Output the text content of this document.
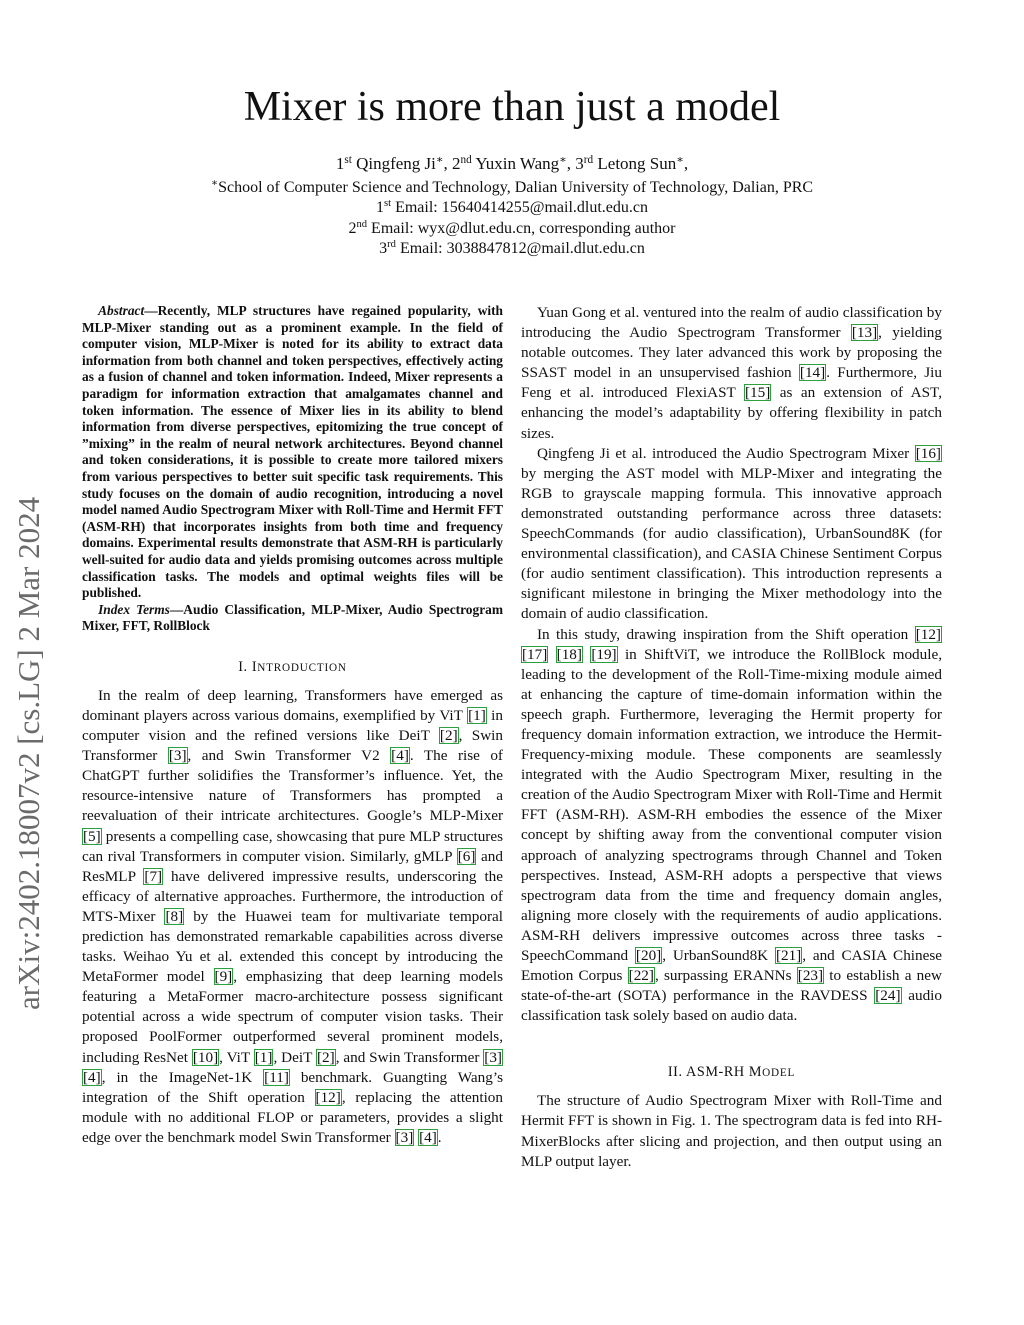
arXiv:2402.18007v2 [cs.LG] 2 Mar 2024
Mixer is more than just a model
1st Qingfeng Ji∗, 2nd Yuxin Wang∗, 3rd Letong Sun∗,
∗School of Computer Science and Technology, Dalian University of Technology, Dalian, PRC
1st Email: 15640414255@mail.dlut.edu.cn
2nd Email: wyx@dlut.edu.cn, corresponding author
3rd Email: 3038847812@mail.dlut.edu.cn

Abstract—Recently, MLP structures have regained popularity, with MLP-Mixer standing out as a prominent example. In the field of computer vision, MLP-Mixer is noted for its ability to extract data information from both channel and token perspectives, effectively acting as a fusion of channel and token information. Indeed, Mixer represents a paradigm for information extraction that amalgamates channel and token information. The essence of Mixer lies in its ability to blend information from diverse perspectives, epitomizing the true concept of ”mixing” in the realm of neural network architectures. Beyond channel and token considerations, it is possible to create more tailored mixers from various perspectives to better suit specific task requirements. This study focuses on the domain of audio recognition, introducing a novel model named Audio Spectrogram Mixer with Roll-Time and Hermit FFT (ASM-RH) that incorporates insights from both time and frequency domains. Experimental results demonstrate that ASM-RH is particularly well-suited for audio data and yields promising outcomes across multiple classification tasks. The models and optimal weights files will be published.

Index Terms—Audio Classification, MLP-Mixer, Audio Spectrogram Mixer, FFT, RollBlock

I. INTRODUCTION

In the realm of deep learning, Transformers have emerged as dominant players across various domains, exemplified by ViT [1] in computer vision and the refined versions like DeiT [2], Swin Transformer [3], and Swin Transformer V2 [4]. The rise of ChatGPT further solidifies the Transformer’s influence. Yet, the resource-intensive nature of Transformers has prompted a reevaluation of their intricate architectures. Google’s MLP-Mixer [5] presents a compelling case, showcasing that pure MLP structures can rival Transformers in computer vision. Similarly, gMLP [6] and ResMLP [7] have delivered impressive results, underscoring the efficacy of alternative approaches. Furthermore, the introduction of MTS-Mixer [8] by the Huawei team for multivariate temporal prediction has demonstrated remarkable capabilities across diverse tasks. Weihao Yu et al. extended this concept by introducing the MetaFormer model [9], emphasizing that deep learning models featuring a MetaFormer macro-architecture possess significant potential across a wide spectrum of computer vision tasks. Their proposed PoolFormer outperformed several prominent models, including ResNet [10], ViT [1], DeiT [2], and Swin Transformer [3] [4], in the ImageNet-1K [11] benchmark. Guangting Wang’s integration of the Shift operation [12], replacing the attention module with no additional FLOP or parameters, provides a slight edge over the benchmark model Swin Transformer [3] [4].

Yuan Gong et al. ventured into the realm of audio classification by introducing the Audio Spectrogram Transformer [13], yielding notable outcomes. They later advanced this work by proposing the SSAST model in an unsupervised fashion [14]. Furthermore, Jiu Feng et al. introduced FlexiAST [15] as an extension of AST, enhancing the model’s adaptability by offering flexibility in patch sizes.

Qingfeng Ji et al. introduced the Audio Spectrogram Mixer [16] by merging the AST model with MLP-Mixer and integrating the RGB to grayscale mapping formula. This innovative approach demonstrated outstanding performance across three datasets: SpeechCommands (for audio classification), UrbanSound8K (for environmental classification), and CASIA Chinese Sentiment Corpus (for audio sentiment classification). This introduction represents a significant milestone in bringing the Mixer methodology into the domain of audio classification.

In this study, drawing inspiration from the Shift operation [12] [17] [18] [19] in ShiftViT, we introduce the RollBlock module, leading to the development of the Roll-Time-mixing module aimed at enhancing the capture of time-domain information within the speech graph. Furthermore, leveraging the Hermit property for frequency domain information extraction, we introduce the Hermit-Frequency-mixing module. These components are seamlessly integrated with the Audio Spectrogram Mixer, resulting in the creation of the Audio Spectrogram Mixer with Roll-Time and Hermit FFT (ASM-RH). ASM-RH embodies the essence of the Mixer concept by shifting away from the conventional computer vision approach of analyzing spectrograms through Channel and Token perspectives. Instead, ASM-RH adopts a perspective that views spectrogram data from the time and frequency domain angles, aligning more closely with the requirements of audio applications. ASM-RH delivers impressive outcomes across three tasks - SpeechCommand [20], UrbanSound8K [21], and CASIA Chinese Emotion Corpus [22], surpassing ERANNs [23] to establish a new state-of-the-art (SOTA) performance in the RAVDESS [24] audio classification task solely based on audio data.

II. ASM-RH MODEL

The structure of Audio Spectrogram Mixer with Roll-Time and Hermit FFT is shown in Fig. 1. The spectrogram data is fed into RH-MixerBlocks after slicing and projection, and then output using an MLP output layer.
